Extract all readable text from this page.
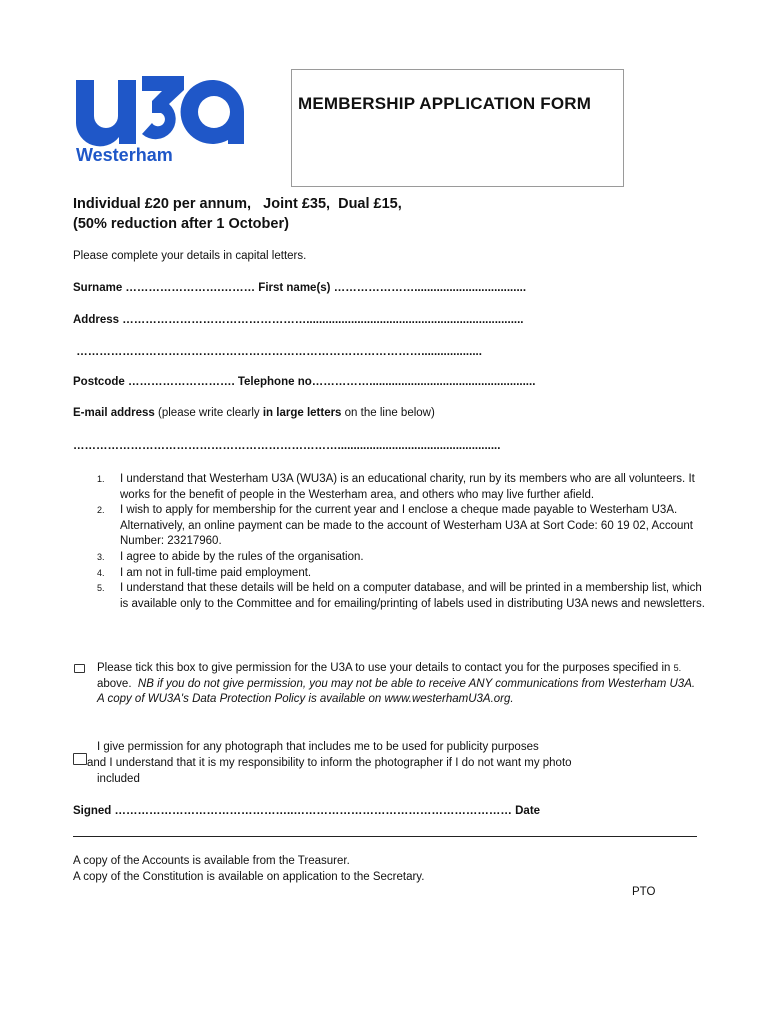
Westerham
MEMBERSHIP APPLICATION FORM
Individual £20 per annum,   Joint £35,  Dual £15,
(50% reduction after 1 October)
Please complete your details in capital letters.
Surname …………………….……… First name(s) …………………...................................
Address …………………………………………....................................................................
………………………………………………………………………………...................
Postcode ………………………. Telephone no……………....................................................
E-mail address (please write clearly in large letters on the line below)
……………………………………………………………...................................................
1. I understand that Westerham U3A (WU3A) is an educational charity, run by its members who are all volunteers. It works for the benefit of people in the Westerham area, and others who may live further afield.
2. I wish to apply for membership for the current year and I enclose a cheque made payable to Westerham U3A. Alternatively, an online payment can be made to the account of Westerham U3A at Sort Code: 60 19 02, Account Number: 23217960.
3. I agree to abide by the rules of the organisation.
4. I am not in full-time paid employment.
5. I understand that these details will be held on a computer database, and will be printed in a membership list, which is available only to the Committee and for emailing/printing of labels used in distributing U3A news and newsletters.
Please tick this box to give permission for the U3A to use your details to contact you for the purposes specified in 5. above.  NB if you do not give permission, you may not be able to receive ANY communications from Westerham U3A. A copy of WU3A's Data Protection Policy is available on www.westerhamU3A.org.
I give permission for any photograph that includes me to be used for publicity purposes
and I understand that it is my responsibility to inform the photographer if I do not want my photo
included
Signed ………………………………………..………………………………………………… Date
A copy of the Accounts is available from the Treasurer.
A copy of the Constitution is available on application to the Secretary.
PTO
